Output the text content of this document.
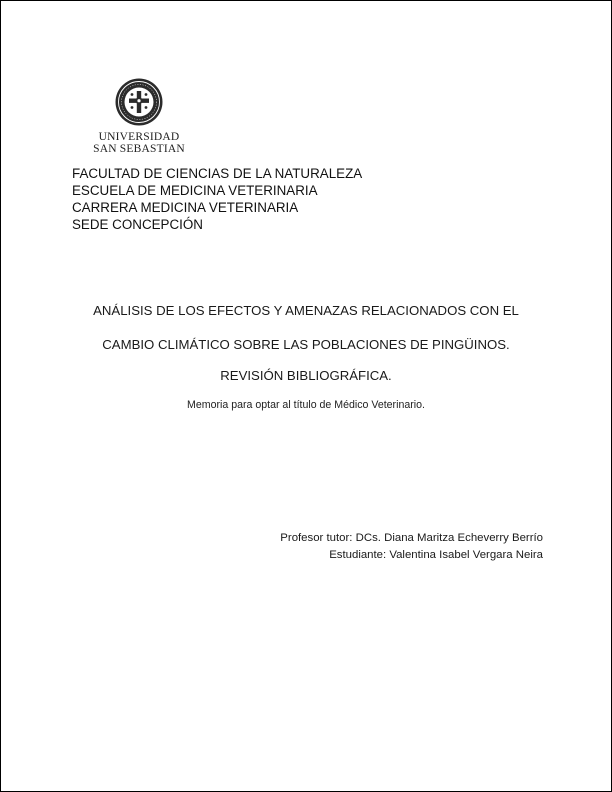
UNIVERSIDAD
SAN SEBASTIAN
FACULTAD DE CIENCIAS DE LA NATURALEZA
ESCUELA DE MEDICINA VETERINARIA
CARRERA MEDICINA VETERINARIA
SEDE CONCEPCIÓN
ANÁLISIS DE LOS EFECTOS Y AMENAZAS RELACIONADOS CON EL
CAMBIO CLIMÁTICO SOBRE LAS POBLACIONES DE PINGÜINOS.
REVISIÓN BIBLIOGRÁFICA.
Memoria para optar al título de Médico Veterinario.
Profesor tutor: DCs. Diana Maritza Echeverry Berrío
Estudiante: Valentina Isabel Vergara Neira
